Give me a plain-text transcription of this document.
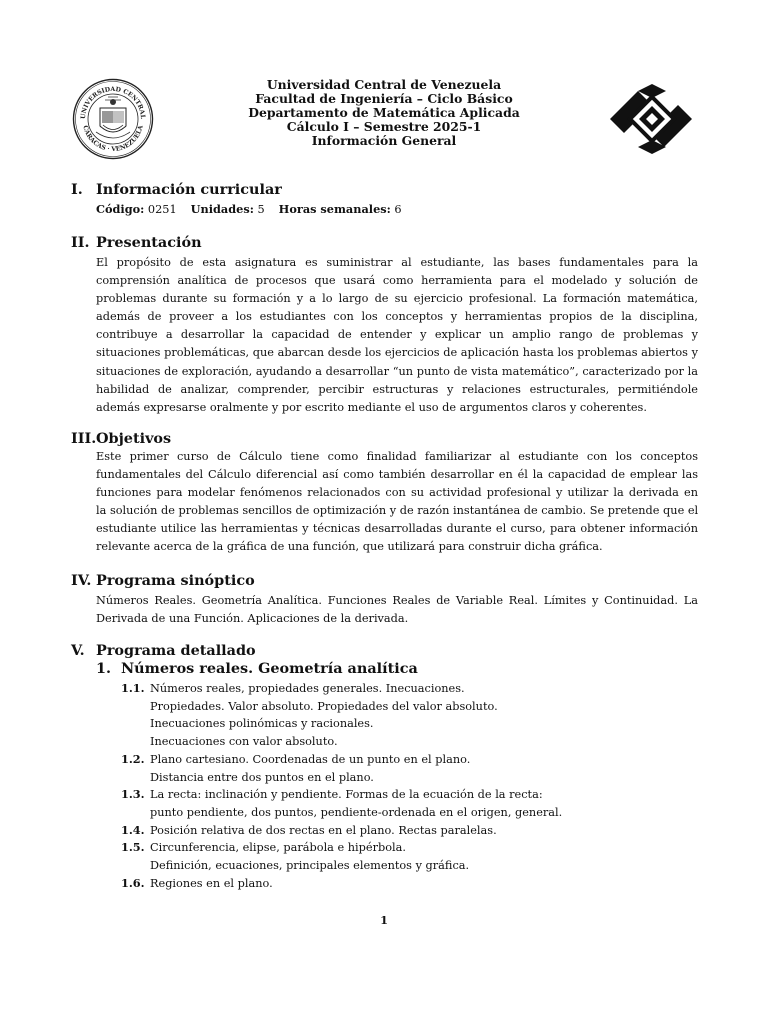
UNIVERSIDAD CENTRAL
CARACAS · VENEZUELA
Universidad Central de Venezuela
Facultad de Ingeniería – Ciclo Básico
Departamento de Matemática Aplicada
Cálculo I – Semestre 2025-1
Información General
I. Información curricular
Código: 0251 Unidades: 5 Horas semanales: 6
II. Presentación
El propósito de esta asignatura es suministrar al estudiante, las bases fundamentales para la
comprensión analítica de procesos que usará como herramienta para el modelado y solución de
problemas durante su formación y a lo largo de su ejercicio profesional. La formación matemática,
además de proveer a los estudiantes con los conceptos y herramientas propios de la disciplina,
contribuye a desarrollar la capacidad de entender y explicar un amplio rango de problemas y
situaciones problemáticas, que abarcan desde los ejercicios de aplicación hasta los problemas abiertos y
situaciones de exploración, ayudando a desarrollar “un punto de vista matemático”, caracterizado por la
habilidad de analizar, comprender, percibir estructuras y relaciones estructurales, permitiéndole
además expresarse oralmente y por escrito mediante el uso de argumentos claros y coherentes.
III.Objetivos
Este primer curso de Cálculo tiene como finalidad familiarizar al estudiante con los conceptos
fundamentales del Cálculo diferencial así como también desarrollar en él la capacidad de emplear las
funciones para modelar fenómenos relacionados con su actividad profesional y utilizar la derivada en
la solución de problemas sencillos de optimización y de razón instantánea de cambio. Se pretende que el
estudiante utilice las herramientas y técnicas desarrolladas durante el curso, para obtener información
relevante acerca de la gráfica de una función, que utilizará para construir dicha gráfica.
IV. Programa sinóptico
Números Reales. Geometría Analítica. Funciones Reales de Variable Real. Límites y Continuidad. La
Derivada de una Función. Aplicaciones de la derivada.
V. Programa detallado
1. Números reales. Geometría analítica
1.1. Números reales, propiedades generales. Inecuaciones.
Propiedades. Valor absoluto. Propiedades del valor absoluto.
Inecuaciones polinómicas y racionales.
Inecuaciones con valor absoluto.
1.2. Plano cartesiano. Coordenadas de un punto en el plano.
Distancia entre dos puntos en el plano.
1.3. La recta: inclinación y pendiente. Formas de la ecuación de la recta:
punto pendiente, dos puntos, pendiente-ordenada en el origen, general.
1.4. Posición relativa de dos rectas en el plano. Rectas paralelas.
1.5. Circunferencia, elipse, parábola e hipérbola.
Definición, ecuaciones, principales elementos y gráfica.
1.6. Regiones en el plano.
1
